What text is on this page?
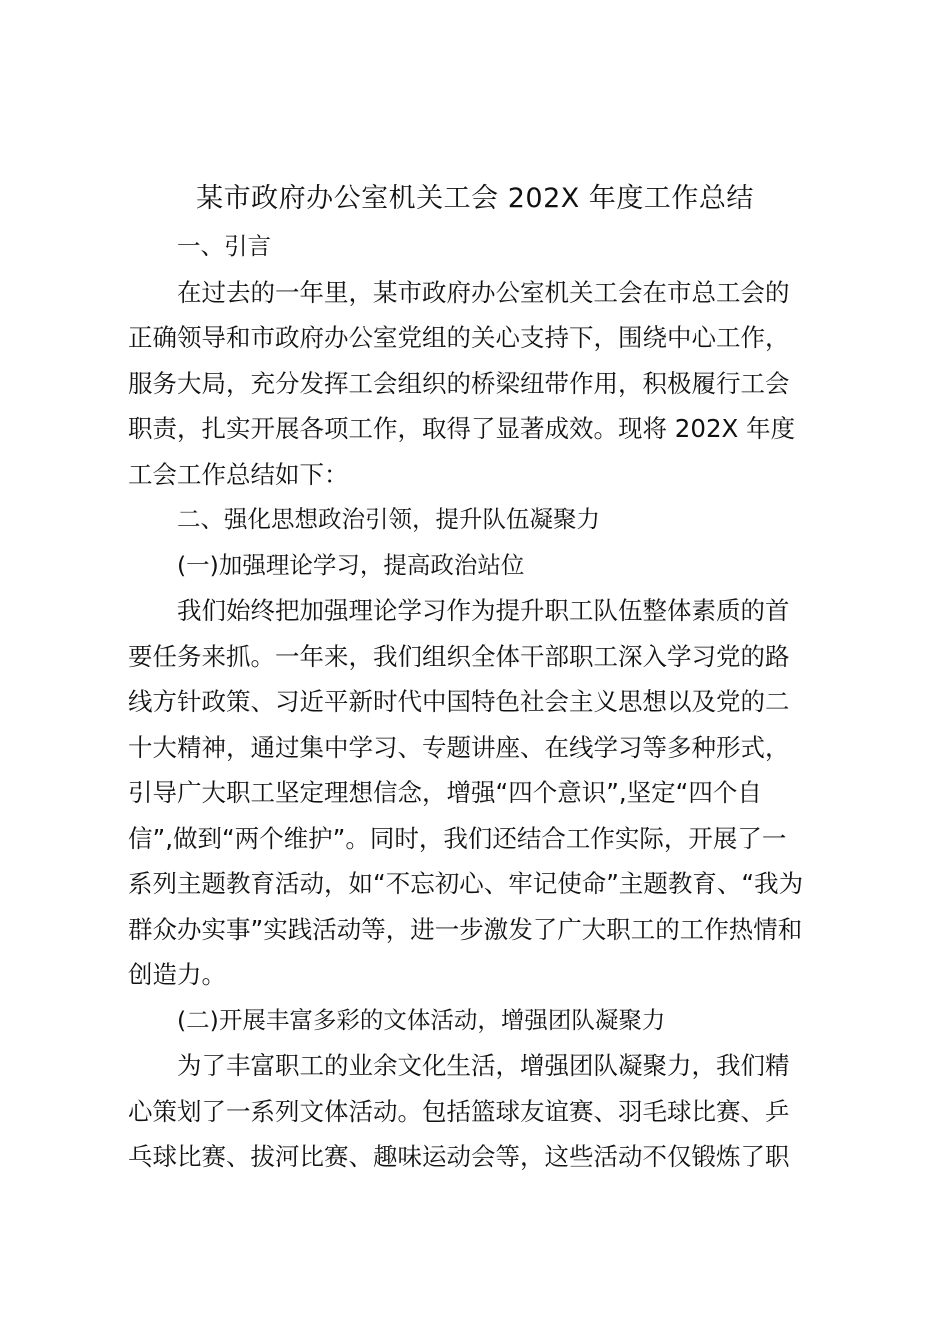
某市政府办公室机关工会 202X 年度工作总结
一、引言
在过去的一年里，某市政府办公室机关工会在市总工会的
正确领导和市政府办公室党组的关心支持下，围绕中心工作，
服务大局，充分发挥工会组织的桥梁纽带作用，积极履行工会
职责，扎实开展各项工作，取得了显著成效。现将 202X 年度
工会工作总结如下：
二、强化思想政治引领，提升队伍凝聚力
(一)加强理论学习，提高政治站位
我们始终把加强理论学习作为提升职工队伍整体素质的首
要任务来抓。一年来，我们组织全体干部职工深入学习党的路
线方针政策、习近平新时代中国特色社会主义思想以及党的二
十大精神，通过集中学习、专题讲座、在线学习等多种形式，
引导广大职工坚定理想信念，增强“四个意识”,坚定“四个自
信”,做到“两个维护”。同时，我们还结合工作实际，开展了一
系列主题教育活动，如“不忘初心、牢记使命”主题教育、“我为
群众办实事”实践活动等，进一步激发了广大职工的工作热情和
创造力。
(二)开展丰富多彩的文体活动，增强团队凝聚力
为了丰富职工的业余文化生活，增强团队凝聚力，我们精
心策划了一系列文体活动。包括篮球友谊赛、羽毛球比赛、乒
乓球比赛、拔河比赛、趣味运动会等，这些活动不仅锻炼了职
